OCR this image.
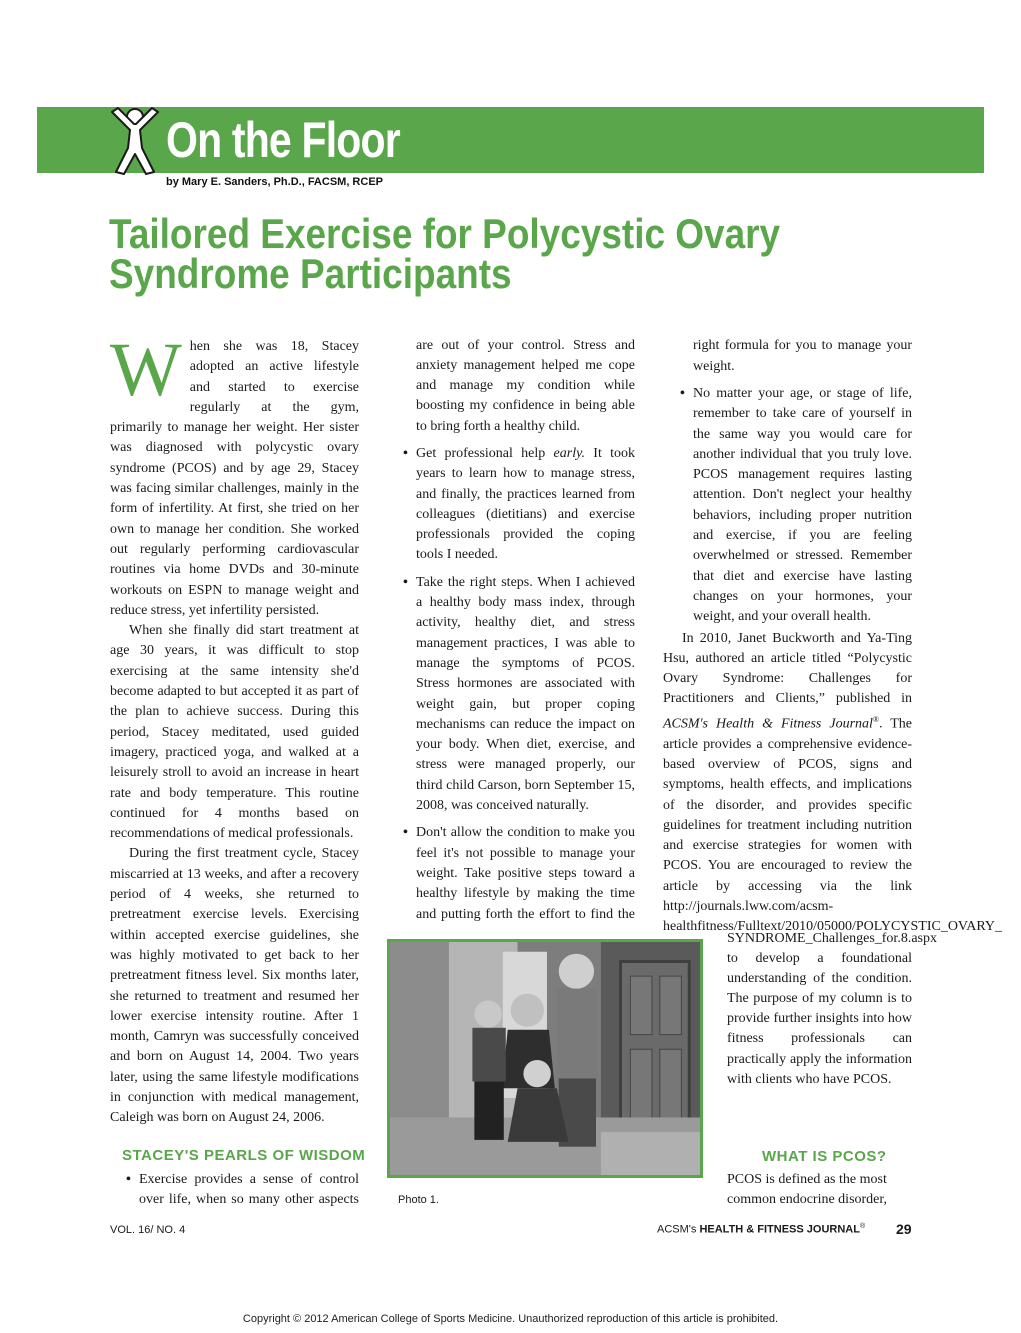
On the Floor
by Mary E. Sanders, Ph.D., FACSM, RCEP
Tailored Exercise for Polycystic Ovary
Syndrome Participants

When she was 18, Stacey adopted an active lifestyle and started to exercise regularly at the gym, primarily to manage her weight. Her sister was diagnosed with polycystic ovary syndrome (PCOS) and by age 29, Stacey was facing similar challenges, mainly in the form of infertility. At first, she tried on her own to manage her condition. She worked out regularly performing cardiovascular routines via home DVDs and 30-minute workouts on ESPN to manage weight and reduce stress, yet infertility persisted.

When she finally did start treatment at age 30 years, it was difficult to stop exercising at the same intensity she'd become adapted to but accepted it as part of the plan to achieve success. During this period, Stacey meditated, used guided imagery, practiced yoga, and walked at a leisurely stroll to avoid an increase in heart rate and body temperature. This routine continued for 4 months based on recommendations of medical professionals.

During the first treatment cycle, Stacey miscarried at 13 weeks, and after a recovery period of 4 weeks, she returned to pretreatment exercise levels. Exercising within accepted exercise guidelines, she was highly motivated to get back to her pretreatment fitness level. Six months later, she returned to treatment and resumed her lower exercise intensity routine. After 1 month, Camryn was successfully conceived and born on August 14, 2004. Two years later, using the same lifestyle modifications in conjunction with medical management, Caleigh was born on August 24, 2006.

STACEY'S PEARLS OF WISDOM

• Exercise provides a sense of control over life, when so many other aspects

are out of your control. Stress and anxiety management helped me cope and manage my condition while boosting my confidence in being able to bring forth a healthy child.

• Get professional help early. It took years to learn how to manage stress, and finally, the practices learned from colleagues (dietitians) and exercise professionals provided the coping tools I needed.

• Take the right steps. When I achieved a healthy body mass index, through activity, healthy diet, and stress management practices, I was able to manage the symptoms of PCOS. Stress hormones are associated with weight gain, but proper coping mechanisms can reduce the impact on your body. When diet, exercise, and stress were managed properly, our third child Carson, born September 15, 2008, was conceived naturally.

• Don't allow the condition to make you feel it's not possible to manage your weight. Take positive steps toward a healthy lifestyle by making the time and putting forth the effort to find the

right formula for you to manage your weight.

• No matter your age, or stage of life, remember to take care of yourself in the same way you would care for another individual that you truly love. PCOS management requires lasting attention. Don't neglect your healthy behaviors, including proper nutrition and exercise, if you are feeling overwhelmed or stressed. Remember that diet and exercise have lasting changes on your hormones, your weight, and your overall health.

In 2010, Janet Buckworth and Ya-Ting Hsu, authored an article titled “Polycystic Ovary Syndrome: Challenges for Practitioners and Clients,” published in ACSM's Health & Fitness Journal®. The article provides a comprehensive evidence-based overview of PCOS, signs and symptoms, health effects, and implications of the disorder, and provides specific guidelines for treatment including nutrition and exercise strategies for women with PCOS. You are encouraged to review the article by accessing via the link http://journals.lww.com/acsm-healthfitness/Fulltext/2010/05000/POLYCYSTIC_OVARY_

SYNDROME_Challenges_for.8.aspx to develop a foundational understanding of the condition. The purpose of my column is to provide further insights into how fitness professionals can practically apply the information with clients who have PCOS.

WHAT IS PCOS?

PCOS is defined as the most common endocrine disorder,

Photo 1.
VOL. 16/ NO. 4	ACSM's HEALTH & FITNESS JOURNAL® 29
Copyright © 2012 American College of Sports Medicine. Unauthorized reproduction of this article is prohibited.
